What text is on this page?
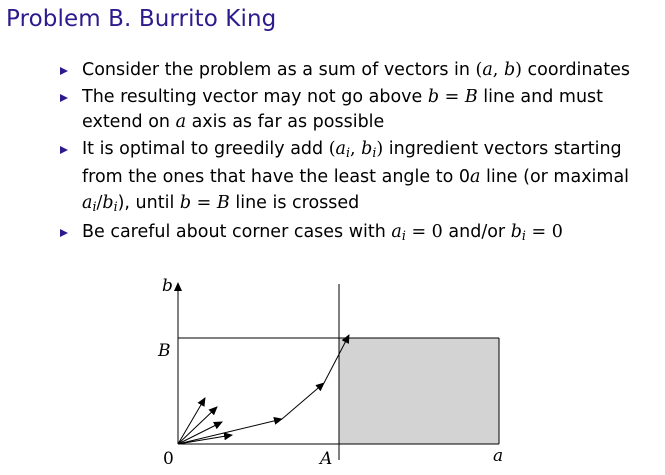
Problem B. Burrito King
Consider the problem as a sum of vectors in (a, b) coordinates
The resulting vector may not go above b = B line and must extend on a axis as far as possible
It is optimal to greedily add ($a_i$, $b_i$) ingredient vectors starting from the ones that have the least angle to 0a line (or maximal $a_i/b_i$), until b = B line is crossed
Be careful about corner cases with $a_i = 0$ and/or $b_i = 0$
b
B
0	A	a
